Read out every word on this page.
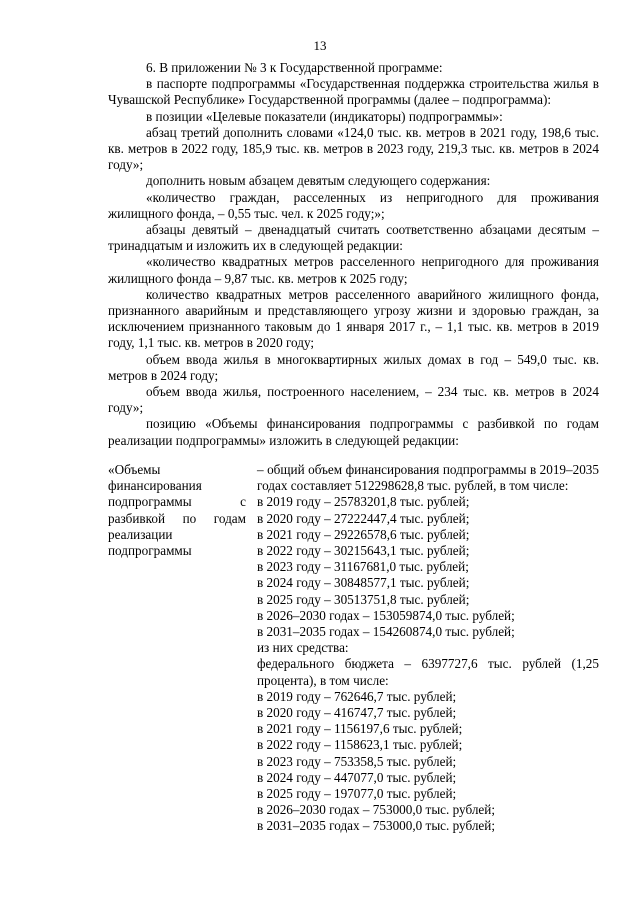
13

6. В приложении № 3 к Государственной программе:

в паспорте подпрограммы «Государственная поддержка строительства жилья в Чувашской Республике» Государственной программы (далее – подпрограмма):

в позиции «Целевые показатели (индикаторы) подпрограммы»:

абзац третий дополнить словами «124,0 тыс. кв. метров в 2021 году, 198,6 тыс. кв. метров в 2022 году, 185,9 тыс. кв. метров в 2023 году, 219,3 тыс. кв. метров в 2024 году»;

дополнить новым абзацем девятым следующего содержания:

«количество граждан, расселенных из непригодного для проживания жилищного фонда, – 0,55 тыс. чел. к 2025 году;»;

абзацы девятый – двенадцатый считать соответственно абзацами десятым – тринадцатым и изложить их в следующей редакции:

«количество квадратных метров расселенного непригодного для проживания жилищного фонда – 9,87 тыс. кв. метров к 2025 году;

количество квадратных метров расселенного аварийного жилищного фонда, признанного аварийным и представляющего угрозу жизни и здоровью граждан, за исключением признанного таковым до 1 января 2017 г., – 1,1 тыс. кв. метров в 2019 году, 1,1 тыс. кв. метров в 2020 году;

объем ввода жилья в многоквартирных жилых домах в год – 549,0 тыс. кв. метров в 2024 году;

объем ввода жилья, построенного населением, – 234 тыс. кв. метров в 2024 году»;

позицию «Объемы финансирования подпрограммы с разбивкой по годам реализации подпрограммы» изложить в следующей редакции:

«Объемы финансирования подпрограммы с разбивкой по годам реализации подпрограммы
– общий объем финансирования подпрограммы в 2019–2035 годах составляет 512298628,8 тыс. рублей, в том числе:
в 2019 году – 25783201,8 тыс. рублей;
в 2020 году – 27222447,4 тыс. рублей;
в 2021 году – 29226578,6 тыс. рублей;
в 2022 году – 30215643,1 тыс. рублей;
в 2023 году – 31167681,0 тыс. рублей;
в 2024 году – 30848577,1 тыс. рублей;
в 2025 году – 30513751,8 тыс. рублей;
в 2026–2030 годах – 153059874,0 тыс. рублей;
в 2031–2035 годах – 154260874,0 тыс. рублей;
из них средства:
федерального бюджета – 6397727,6 тыс. рублей (1,25 процента), в том числе:
в 2019 году – 762646,7 тыс. рублей;
в 2020 году – 416747,7 тыс. рублей;
в 2021 году – 1156197,6 тыс. рублей;
в 2022 году – 1158623,1 тыс. рублей;
в 2023 году – 753358,5 тыс. рублей;
в 2024 году – 447077,0 тыс. рублей;
в 2025 году – 197077,0 тыс. рублей;
в 2026–2030 годах – 753000,0 тыс. рублей;
в 2031–2035 годах – 753000,0 тыс. рублей;
